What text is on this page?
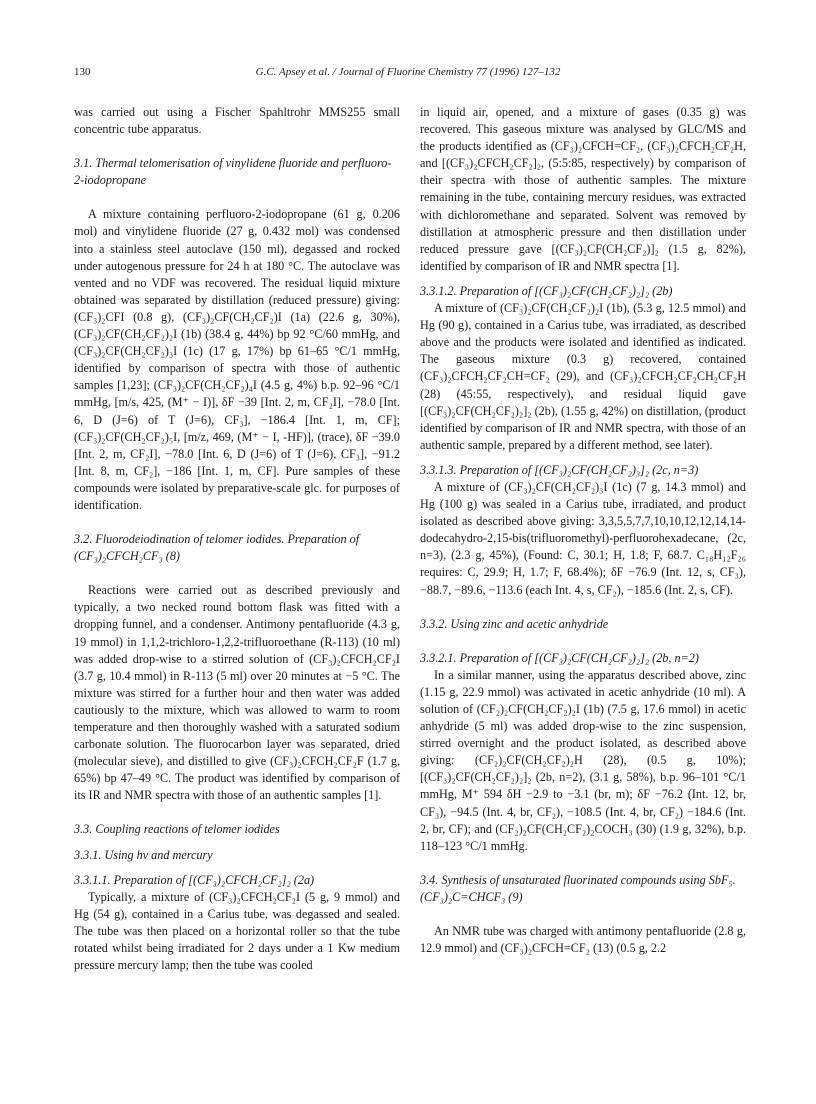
130	G.C. Apsey et al. / Journal of Fluorine Chemistry 77 (1996) 127–132

was carried out using a Fischer Spahltrohr MMS255 small concentric tube apparatus.

3.1. Thermal telomerisation of vinylidene fluoride and perfluoro-2-iodopropane

A mixture containing perfluoro-2-iodopropane (61 g, 0.206 mol) and vinylidene fluoride (27 g, 0.432 mol) was condensed into a stainless steel autoclave (150 ml), degassed and rocked under autogenous pressure for 24 h at 180 °C. The autoclave was vented and no VDF was recovered. The residual liquid mixture obtained was separated by distillation (reduced pressure) giving: (CF₃)₂CFI (0.8 g), (CF₃)₂CF(CH₂CF₂)I (1a) (22.6 g, 30%), (CF₃)₂CF(CH₂CF₂)₂I (1b) (38.4 g, 44%) bp 92 °C/60 mmHg, and (CF₃)₂CF(CH₂CF₂)₃I (1c) (17 g, 17%) bp 61–65 °C/1 mmHg, identified by comparison of spectra with those of authentic samples [1,23]; (CF₃)₂CF(CH₂CF₂)₄I (4.5 g, 4%) b.p. 92–96 °C/1 mmHg, [m/s, 425, (M⁺ − I)], δF −39 [Int. 2, m, CF₂I], −78.0 [Int. 6, D (J=6) of T (J=6), CF₃], −186.4 [Int. 1, m, CF]; (CF₃)₂CF(CH₂CF₂)₅I, [m/z, 469, (M⁺ − I, -HF)], (trace), δF −39.0 [Int. 2, m, CF₂I], −78.0 [Int. 6, D (J=6) of T (J=6), CF₃], −91.2 [Int. 8, m, CF₂], −186 [Int. 1, m, CF]. Pure samples of these compounds were isolated by preparative-scale glc. for purposes of identification.

3.2. Fluorodeiodination of telomer iodides. Preparation of (CF₃)₂CFCH₂CF₃ (8)

Reactions were carried out as described previously and typically, a two necked round bottom flask was fitted with a dropping funnel, and a condenser. Antimony pentafluoride (4.3 g, 19 mmol) in 1,1,2-trichloro-1,2,2-trifluoroethane (R-113) (10 ml) was added drop-wise to a stirred solution of (CF₃)₂CFCH₂CF₂I (3.7 g, 10.4 mmol) in R-113 (5 ml) over 20 minutes at −5 °C. The mixture was stirred for a further hour and then water was added cautiously to the mixture, which was allowed to warm to room temperature and then thoroughly washed with a saturated sodium carbonate solution. The fluorocarbon layer was separated, dried (molecular sieve), and distilled to give (CF₃)₂CFCH₂CF₂F (1.7 g, 65%) bp 47–49 °C. The product was identified by comparison of its IR and NMR spectra with those of an authentic samples [1].

3.3. Coupling reactions of telomer iodides
3.3.1. Using hν and mercury
3.3.1.1. Preparation of [(CF₃)₂CFCH₂CF₂]₂ (2a)

Typically, a mixture of (CF₃)₂CFCH₂CF₂I (5 g, 9 mmol) and Hg (54 g), contained in a Carius tube, was degassed and sealed. The tube was then placed on a horizontal roller so that the tube rotated whilst being irradiated for 2 days under a 1 Kw medium pressure mercury lamp; then the tube was cooled

in liquid air, opened, and a mixture of gases (0.35 g) was recovered. This gaseous mixture was analysed by GLC/MS and the products identified as (CF₃)₂CFCH=CF₂, (CF₃)₂CFCH₂CF₂H, and [(CF₃)₂CFCH₂CF₂]₂, (5:5:85, respectively) by comparison of their spectra with those of authentic samples. The mixture remaining in the tube, containing mercury residues, was extracted with dichloromethane and separated. Solvent was removed by distillation at atmospheric pressure and then distillation under reduced pressure gave [(CF₃)₂CF(CH₂CF₂)]₂ (1.5 g, 82%), identified by comparison of IR and NMR spectra [1].

3.3.1.2. Preparation of [(CF₃)₂CF(CH₂CF₂)₂]₂ (2b)

A mixture of (CF₃)₂CF(CH₂CF₂)₂I (1b), (5.3 g, 12.5 mmol) and Hg (90 g), contained in a Carius tube, was irradiated, as described above and the products were isolated and identified as indicated. The gaseous mixture (0.3 g) recovered, contained (CF₃)₂CFCH₂CF₂CH=CF₂ (29), and (CF₃)₂CFCH₂CF₂CH₂CF₂H (28) (45:55, respectively), and residual liquid gave [(CF₃)₂CF(CH₂CF₂)₂]₂ (2b), (1.55 g, 42%) on distillation, (product identified by comparison of IR and NMR spectra, with those of an authentic sample, prepared by a different method, see later).

3.3.1.3. Preparation of [(CF₃)₂CF(CH₂CF₂)₃]₂ (2c, n=3)

A mixture of (CF₃)₂CF(CH₂CF₂)₃I (1c) (7 g, 14.3 mmol) and Hg (100 g) was sealed in a Carius tube, irradiated, and product isolated as described above giving: 3,3,5,5,7,7,10,10,12,12,14,14-dodecahydro-2,15-bis(trifluoromethyl)-perfluorohexadecane, (2c, n=3), (2.3 g, 45%), (Found: C, 30.1; H, 1.8; F, 68.7. C₁₈H₁₂F₂₆ requires: C, 29.9; H, 1.7; F, 68.4%); δF −76.9 (Int. 12, s, CF₃), −88.7, −89.6, −113.6 (each Int. 4, s, CF₂), −185.6 (Int. 2, s, CF).

3.3.2. Using zinc and acetic anhydride
3.3.2.1. Preparation of [(CF₃)₂CF(CH₂CF₂)₂]₂ (2b, n=2)

In a similar manner, using the apparatus described above, zinc (1.15 g, 22.9 mmol) was activated in acetic anhydride (10 ml). A solution of (CF₂)₂CF(CH₂CF₂)₂I (1b) (7.5 g, 17.6 mmol) in acetic anhydride (5 ml) was added drop-wise to the zinc suspension, stirred overnight and the product isolated, as described above giving: (CF₂)₂CF(CH₂CF₂)₂H (28), (0.5 g, 10%); [(CF₃)₂CF(CH₂CF₂)₂]₂ (2b, n=2), (3.1 g, 58%), b.p. 96–101 °C/1 mmHg, M⁺ 594 δH −2.9 to −3.1 (br, m); δF −76.2 (Int. 12, br, CF₃), −94.5 (Int. 4, br, CF₂), −108.5 (Int. 4, br, CF₂) −184.6 (Int. 2, br, CF); and (CF₂)₂CF(CH₂CF₂)₂COCH₃ (30) (1.9 g, 32%), b.p. 118–123 °C/1 mmHg.

3.4. Synthesis of unsaturated fluorinated compounds using SbF₅. (CF₃)₂C=CHCF₃ (9)

An NMR tube was charged with antimony pentafluoride (2.8 g, 12.9 mmol) and (CF₃)₂CFCH=CF₂ (13) (0.5 g, 2.2
